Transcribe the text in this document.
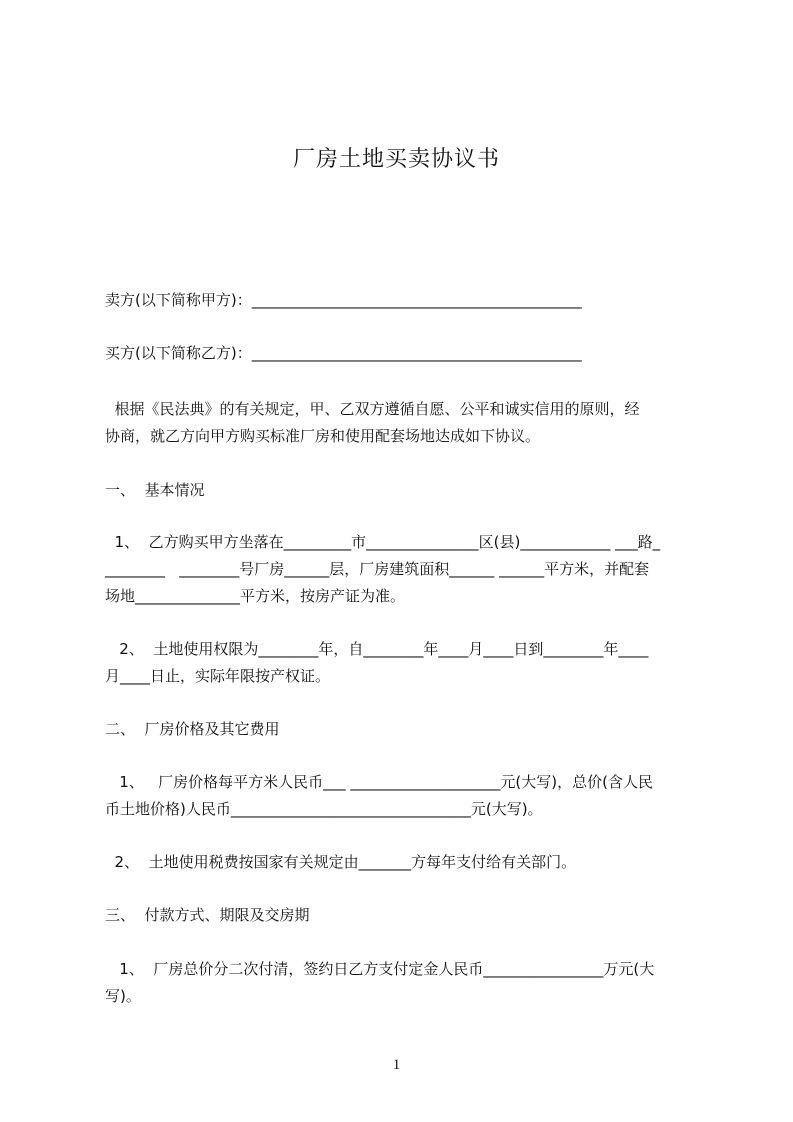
厂房土地买卖协议书
卖方(以下简称甲方)：____________________________________________
买方(以下简称乙方)：____________________________________________
根据《民法典》的有关规定，甲、乙双方遵循自愿、公平和诚实信用的原则，经
协商，就乙方向甲方购买标准厂房和使用配套场地达成如下协议。
一、  基本情况
1、  乙方购买甲方坐落在_________市_______________区(县)____________ ___路_
________   ________号厂房______层，厂房建筑面积______ ______平方米，并配套
场地______________平方米，按房产证为准。
2、  土地使用权限为________年，自________年____月____日到________年____
月____日止，实际年限按产权证。
二、  厂房价格及其它费用
1、   厂房价格每平方米人民币___ ____________________元(大写)，总价(含人民
币土地价格)人民币________________________________元(大写)。
2、  土地使用税费按国家有关规定由_______方每年支付给有关部门。
三、  付款方式、期限及交房期
1、  厂房总价分二次付清，签约日乙方支付定金人民币________________万元(大
写)。
1
